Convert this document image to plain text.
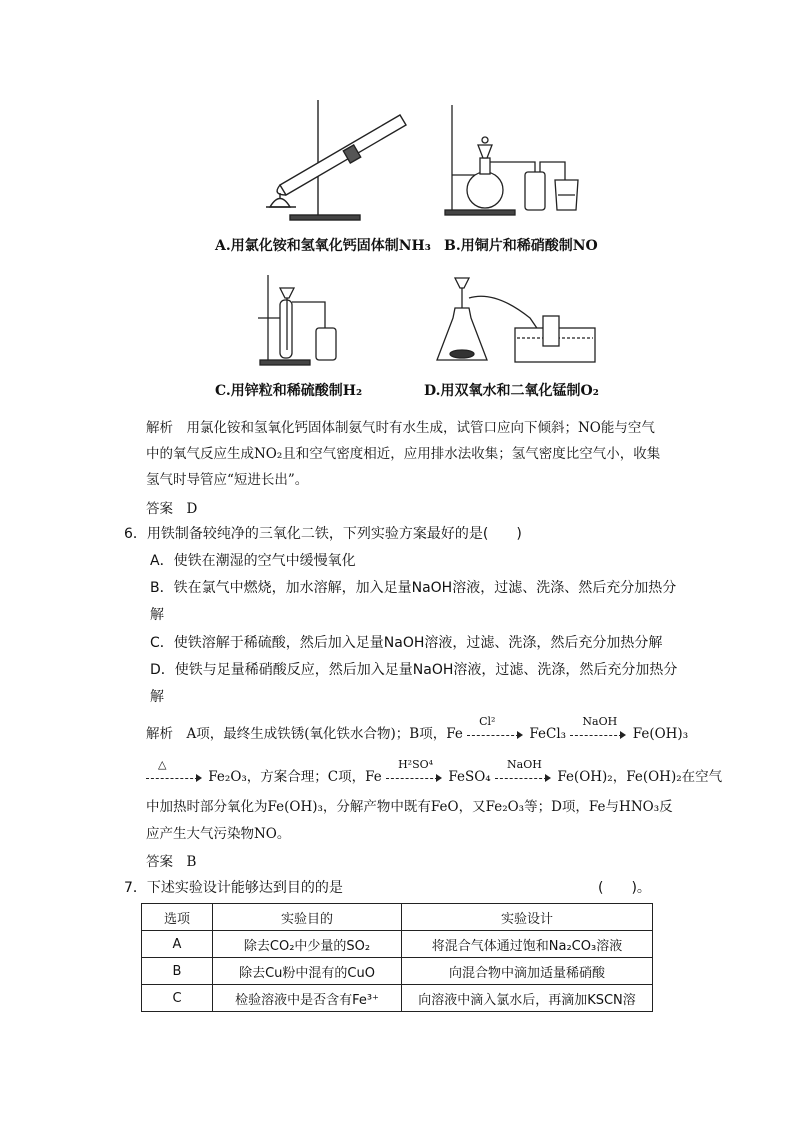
A.用氯化铵和氢氧化钙固体制NH₃ B.用铜片和稀硝酸制NO
C.用锌粒和稀硫酸制H₂	D.用双氧水和二氧化锰制O₂
解析　用氯化铵和氢氧化钙固体制氨气时有水生成，试管口应向下倾斜；NO能与空气
中的氧气反应生成NO₂且和空气密度相近，应用排水法收集；氢气密度比空气小，收集
氢气时导管应“短进长出”。
答案　D
6．用铁制备较纯净的三氧化二铁，下列实验方案最好的是(　　)
A．使铁在潮湿的空气中缓慢氧化
B．铁在氯气中燃烧，加水溶解，加入足量NaOH溶液，过滤、洗涤、然后充分加热分
解
C．使铁溶解于稀硫酸，然后加入足量NaOH溶液，过滤、洗涤，然后充分加热分解
D．使铁与足量稀硝酸反应，然后加入足量NaOH溶液，过滤、洗涤，然后充分加热分
解
解析　A项，最终生成铁锈(氧化铁水合物)；B项，Fe
Cl²
FeCl₃
NaOH
Fe(OH)₃
△
Fe₂O₃，方案合理；C项，Fe
H²SO⁴
FeSO₄
NaOH
Fe(OH)₂，Fe(OH)₂在空气
中加热时部分氧化为Fe(OH)₃，分解产物中既有FeO，又Fe₂O₃等；D项，Fe与HNO₃反
应产生大气污染物NO。
答案　B
7．下述实验设计能够达到目的的是	(　　)。
选项	实验目的	实验设计
A	除去CO₂中少量的SO₂	将混合气体通过饱和Na₂CO₃溶液
B	除去Cu粉中混有的CuO	向混合物中滴加适量稀硝酸
C	检验溶液中是否含有Fe³⁺	向溶液中滴入氯水后，再滴加KSCN溶
